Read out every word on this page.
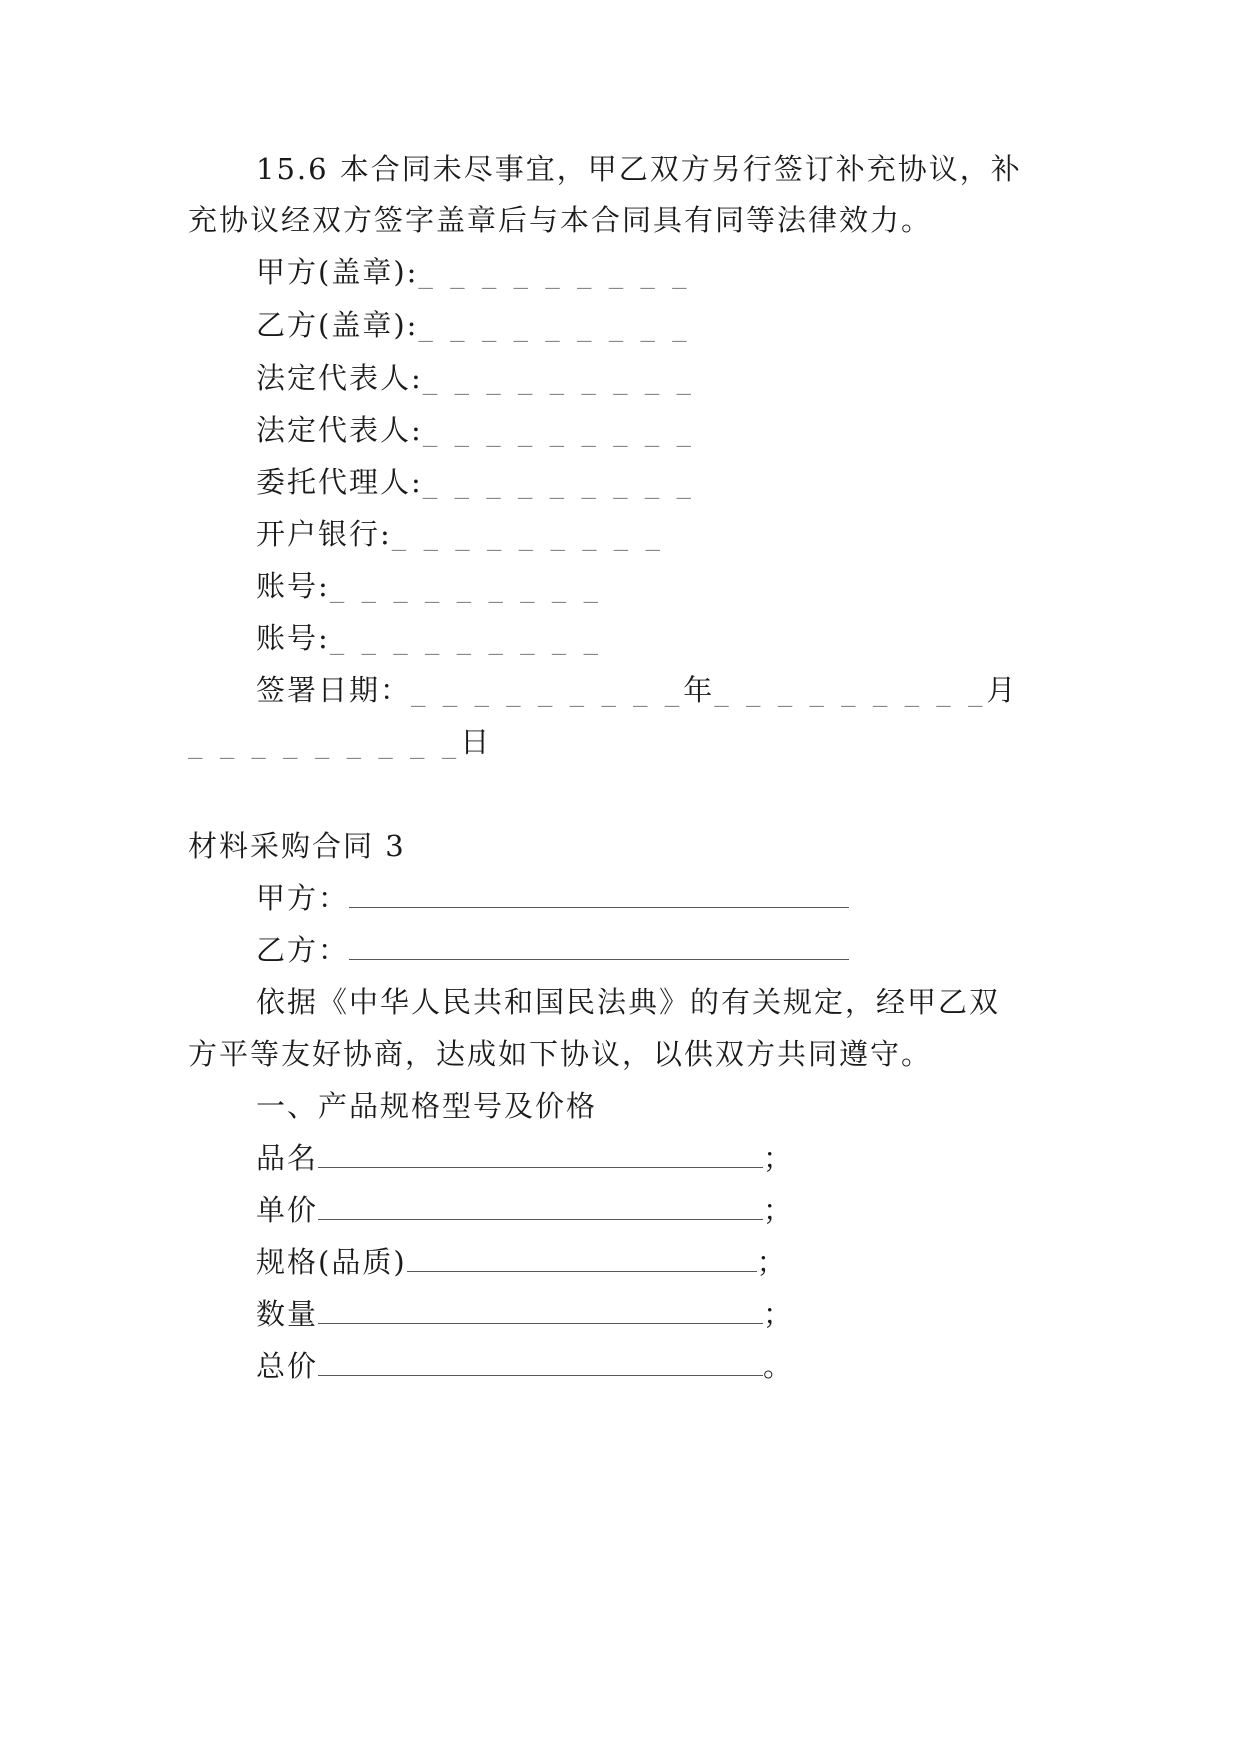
15.6 本合同未尽事宜，甲乙双方另行签订补充协议，补
充协议经双方签字盖章后与本合同具有同等法律效力。
甲方(盖章):_ _ _ _ _ _ _ _ _
乙方(盖章):_ _ _ _ _ _ _ _ _
法定代表人:_ _ _ _ _ _ _ _ _
法定代表人:_ _ _ _ _ _ _ _ _
委托代理人:_ _ _ _ _ _ _ _ _
开户银行:_ _ _ _ _ _ _ _ _
账号:_ _ _ _ _ _ _ _ _
账号:_ _ _ _ _ _ _ _ _
签署日期：_ _ _ _ _ _ _ _ _年_ _ _ _ _ _ _ _ _月
_ _ _ _ _ _ _ _ _日
材料采购合同 3
甲方：
乙方：
依据《中华人民共和国民法典》的有关规定，经甲乙双
方平等友好协商，达成如下协议，以供双方共同遵守。
一、产品规格型号及价格
品名	；
单价	；
规格(品质)	；
数量	；
总价	。
